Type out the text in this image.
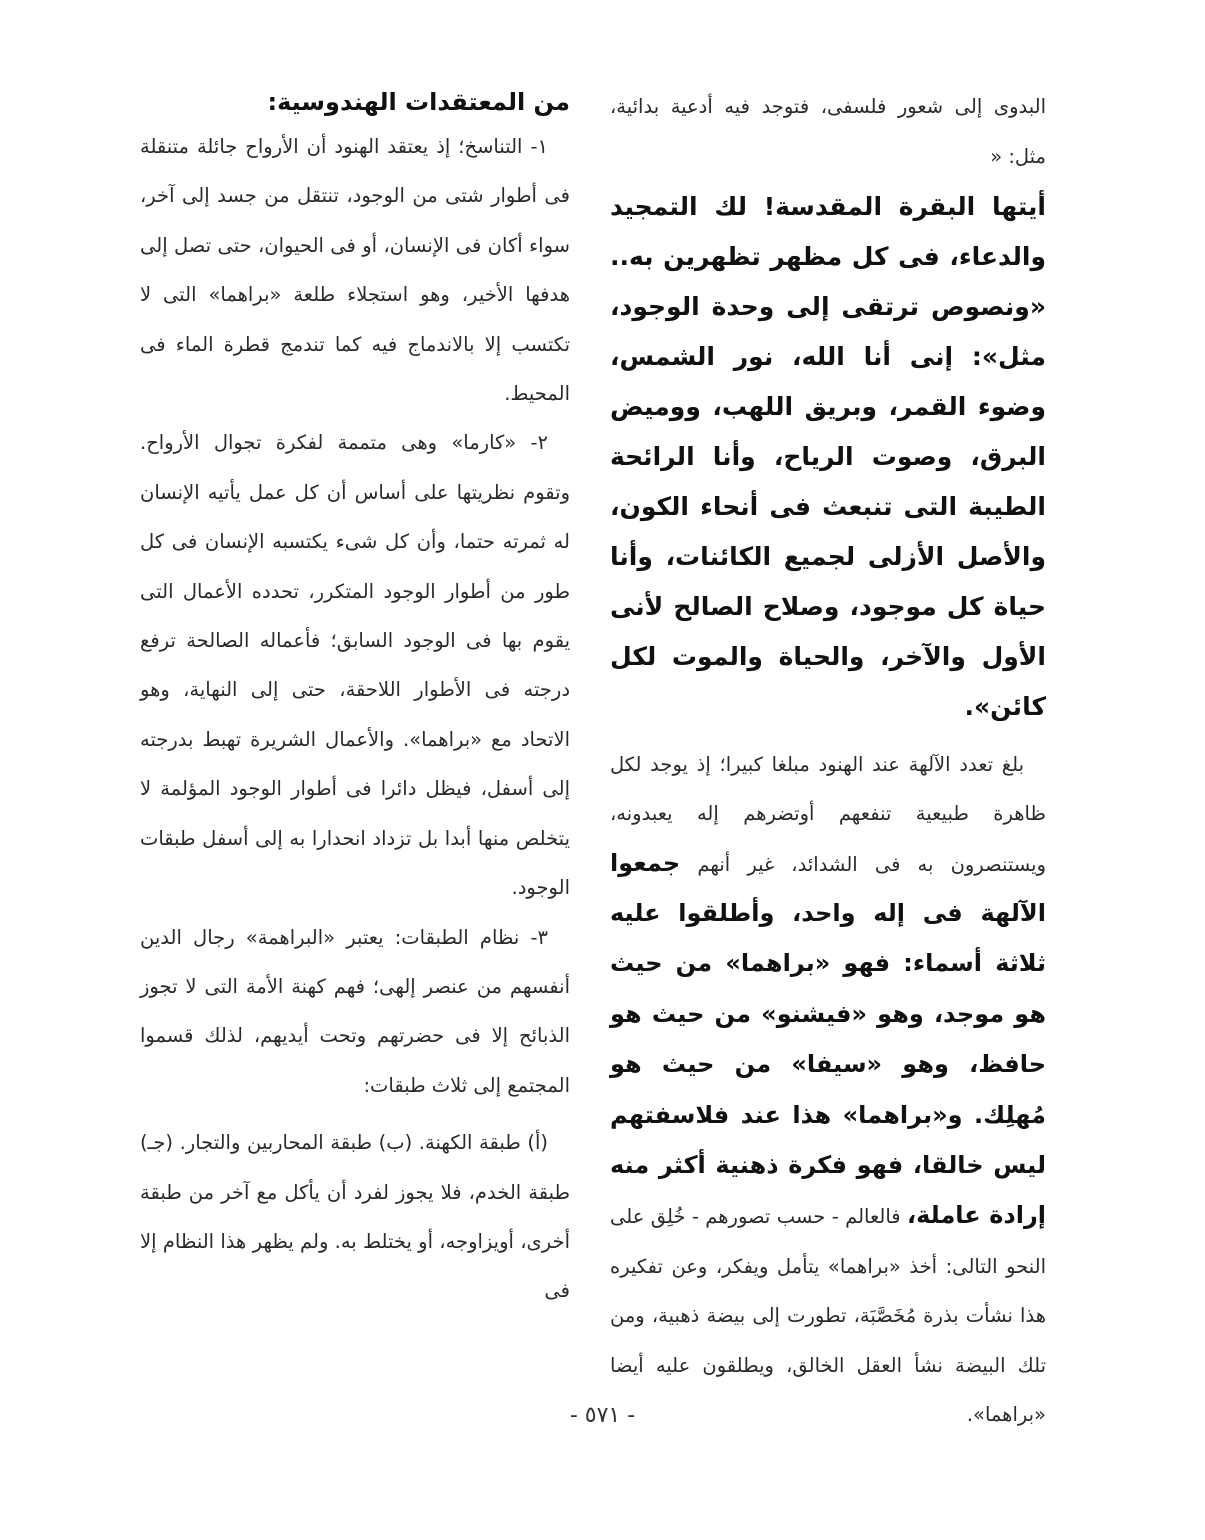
البدوى إلى شعور فلسفى، فتوجد فيه أدعية بدائية، مثل: «

أيتها البقرة المقدسة! لك التمجيد والدعاء، فى كل مظهر تظهرين به.. «ونصوص ترتقى إلى وحدة الوجود، مثل»: إنى أنا الله، نور الشمس، وضوء القمر، وبريق اللهب، ووميض البرق، وصوت الرياح، وأنا الرائحة الطيبة التى تنبعث فى أنحاء الكون، والأصل الأزلى لجميع الكائنات، وأنا حياة كل موجود، وصلاح الصالح لأنى الأول والآخر، والحياة والموت لكل كائن».

بلغ تعدد الآلهة عند الهنود مبلغا كبيرا؛ إذ يوجد لكل ظاهرة طبيعية تنفعهم أوتضرهم إله يعبدونه، ويستنصرون به فى الشدائد، غير أنهم جمعوا الآلهة فى إله واحد، وأطلقوا عليه ثلاثة أسماء: فهو «براهما» من حيث هو موجد، وهو «فيشنو» من حيث هو حافظ، وهو «سيفا» من حيث هو مُهلِك. و«براهما» هذا عند فلاسفتهم ليس خالقا، فهو فكرة ذهنية أكثر منه إرادة عاملة، فالعالم - حسب تصورهم - خُلِق على النحو التالى: أخذ «براهما» يتأمل ويفكر، وعن تفكيره هذا نشأت بذرة مُخَصَّبَة، تطورت إلى بيضة ذهبية، ومن تلك البيضة نشأ العقل الخالق، ويطلقون عليه أيضا «براهما».

من المعتقدات الهندوسية:

١- التناسخ؛ إذ يعتقد الهنود أن الأرواح جائلة متنقلة فى أطوار شتى من الوجود، تنتقل من جسد إلى آخر، سواء أكان فى الإنسان، أو فى الحيوان، حتى تصل إلى هدفها الأخير، وهو استجلاء طلعة «براهما» التى لا تكتسب إلا بالاندماج فيه كما تندمج قطرة الماء فى المحيط.

٢- «كارما» وهى متممة لفكرة تجوال الأرواح. وتقوم نظريتها على أساس أن كل عمل يأتيه الإنسان له ثمرته حتما، وأن كل شىء يكتسبه الإنسان فى كل طور من أطوار الوجود المتكرر، تحدده الأعمال التى يقوم بها فى الوجود السابق؛ فأعماله الصالحة ترفع درجته فى الأطوار اللاحقة، حتى إلى النهاية، وهو الاتحاد مع «براهما». والأعمال الشريرة تهبط بدرجته إلى أسفل، فيظل دائرا فى أطوار الوجود المؤلمة لا يتخلص منها أبدا بل تزداد انحدارا به إلى أسفل طبقات الوجود.

٣- نظام الطبقات: يعتبر «البراهمة» رجال الدين أنفسهم من عنصر إلهى؛ فهم كهنة الأمة التى لا تجوز الذبائح إلا فى حضرتهم وتحت أيديهم، لذلك قسموا المجتمع إلى ثلاث طبقات:

(أ) طبقة الكهنة. (ب) طبقة المحاربين والتجار. (جـ) طبقة الخدم، فلا يجوز لفرد أن يأكل مع آخر من طبقة أخرى، أويزاوجه، أو يختلط به. ولم يظهر هذا النظام إلا فى

- ٥٧١ -
